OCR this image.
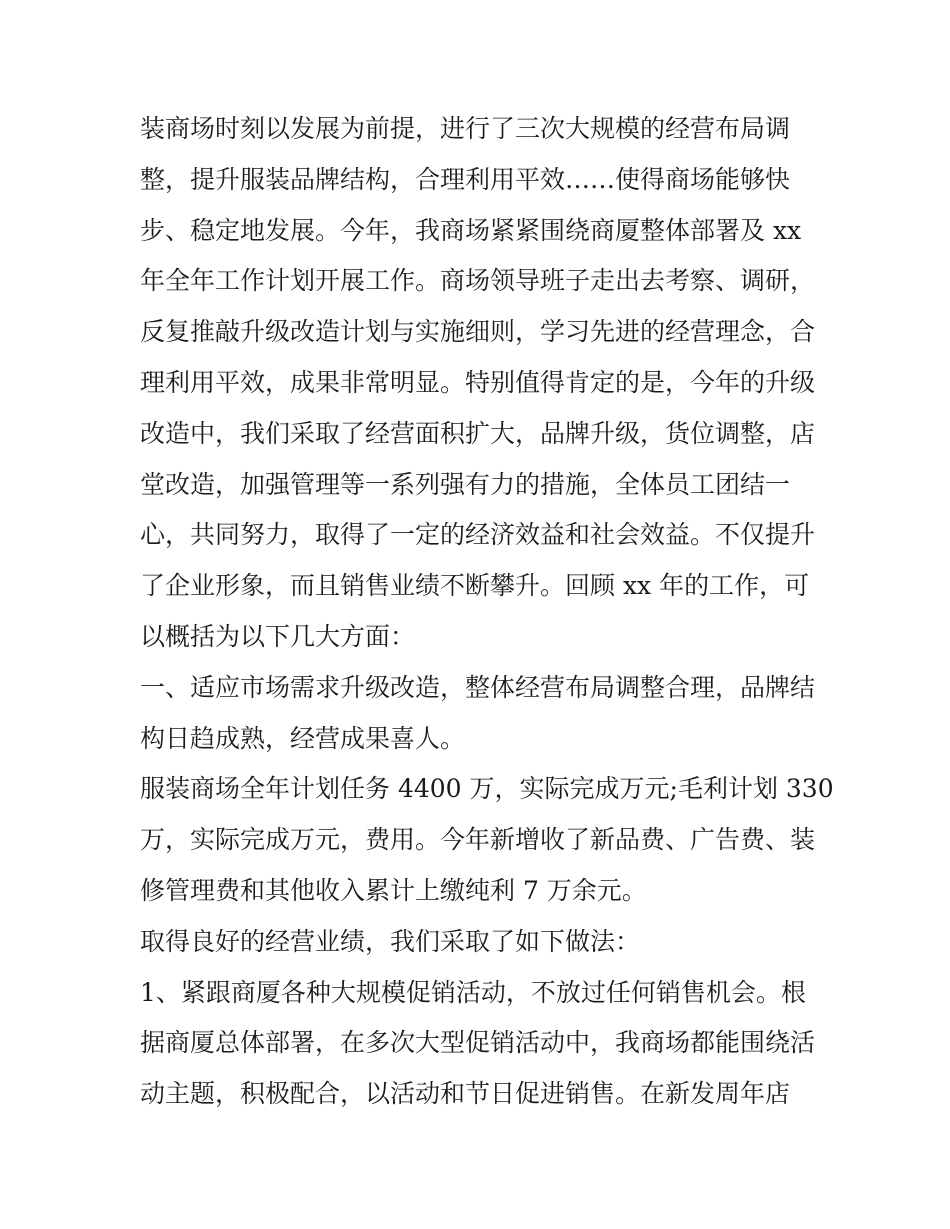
装商场时刻以发展为前提，进行了三次大规模的经营布局调
整，提升服装品牌结构，合理利用平效……使得商场能够快
步、稳定地发展。今年，我商场紧紧围绕商厦整体部署及 xx
年全年工作计划开展工作。商场领导班子走出去考察、调研，
反复推敲升级改造计划与实施细则，学习先进的经营理念，合
理利用平效，成果非常明显。特别值得肯定的是，今年的升级
改造中，我们采取了经营面积扩大，品牌升级，货位调整，店
堂改造，加强管理等一系列强有力的措施，全体员工团结一
心，共同努力，取得了一定的经济效益和社会效益。不仅提升
了企业形象，而且销售业绩不断攀升。回顾 xx 年的工作，可
以概括为以下几大方面：
一、适应市场需求升级改造，整体经营布局调整合理，品牌结
构日趋成熟，经营成果喜人。
服装商场全年计划任务 4400 万，实际完成万元;毛利计划 330
万，实际完成万元，费用。今年新增收了新品费、广告费、装
修管理费和其他收入累计上缴纯利 7 万余元。
取得良好的经营业绩，我们采取了如下做法：
1、紧跟商厦各种大规模促销活动，不放过任何销售机会。根
据商厦总体部署，在多次大型促销活动中，我商场都能围绕活
动主题，积极配合，以活动和节日促进销售。在新发周年店
